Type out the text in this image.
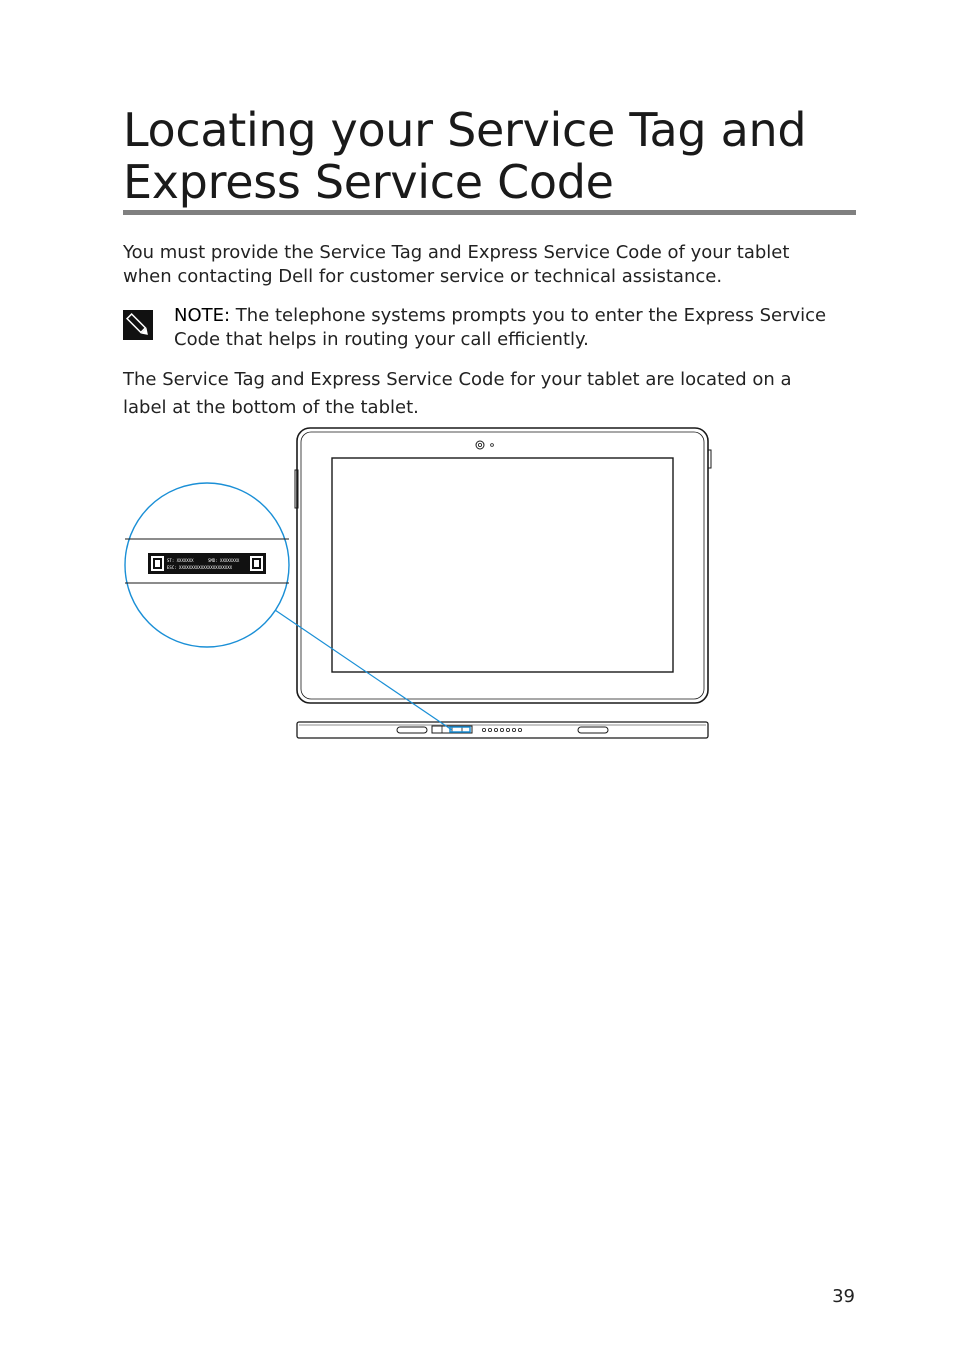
Locating your Service Tag and
Express Service Code

You must provide the Service Tag and Express Service Code of your tablet
when contacting Dell for customer service or technical assistance.

NOTE: The telephone systems prompts you to enter the Express Service
Code that helps in routing your call efficiently.

The Service Tag and Express Service Code for your tablet are located on a
label at the bottom of the tablet.

ST: XXXXXXX	SMD: XXXXXXXX
ESC: XXXXXXXXXXXXXXXXXXXXXX
39
